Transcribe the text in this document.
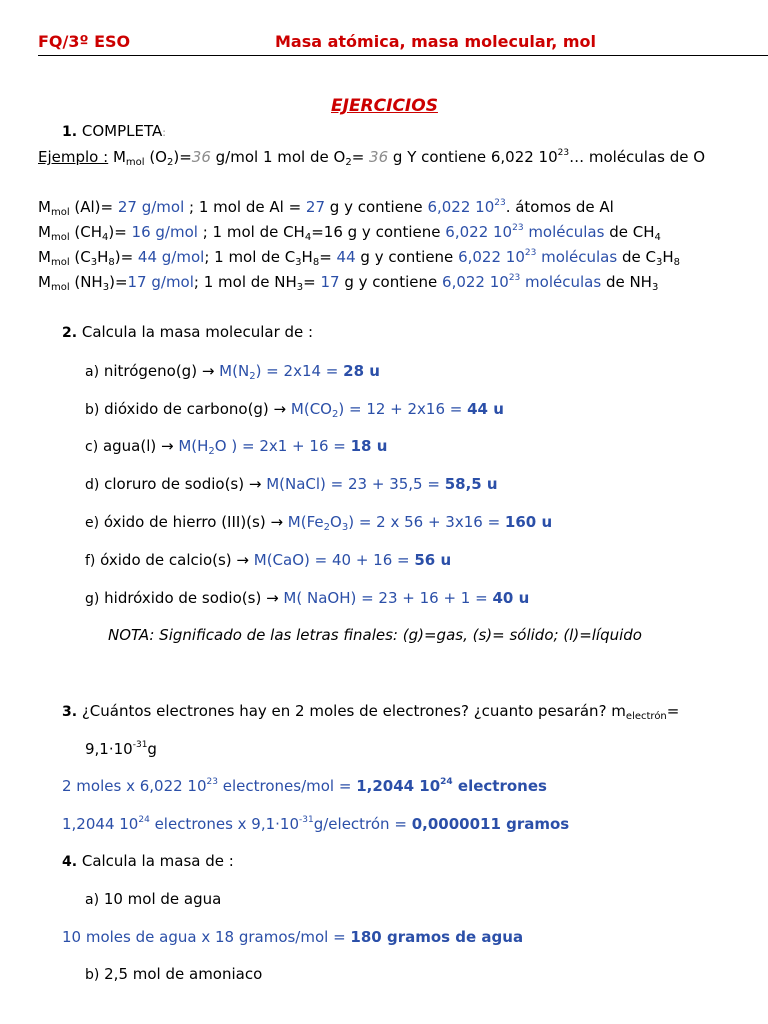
FQ/3º ESO	Masa atómica, masa molecular, mol
EJERCICIOS
1. COMPLETA:
Ejemplo : $M_{mol}$ $(O_2)=36$ g/mol 1 mol de $O_2= 36$ g Y contiene 6,022 $10^{23}\dots$ moléculas de O
$M_{mol}$ (Al)= 27 g/mol ; 1 mol de Al = 27 g y contiene 6,022 $10^{23}$. átomos de Al
$M_{mol}$ $(CH_4)= 16$ g/mol ; 1 mol de $CH_4=16$ g y contiene 6,022 $10^{23}$ moléculas de $CH_4$
$M_{mol}$ $(C_3H_8)= 44$ g/mol; 1 mol de $C_3H_8= 44$ g y contiene 6,022 $10^{23}$ moléculas de $C_3H_8$
$M_{mol}$ $(NH_3)=17$ g/mol; 1 mol de $NH_3= 17$ g y contiene 6,022 $10^{23}$ moléculas de $NH_3$
2. Calcula la masa molecular de :
a) nitrógeno(g) → $M(N_2) = 2x14 = 28$ u
b) dióxido de carbono(g) → $M(CO_2) = 12 + 2x16 = 44$ u
c) agua(l) → $M(H_2O$ ) = 2x1 + 16 = 18 u
d) cloruro de sodio(s) → M(NaCl) = 23 + 35,5 = 58,5 u
e) óxido de hierro $(III)(s) \to M(Fe_2O_3) = 2$ x 56 + 3x16 = 160 u
f) óxido de calcio(s) → M(CaO) = 40 + 16 = 56 u
g) hidróxido de sodio(s) → M( NaOH) = 23 + 16 + 1 = 40 u
NOTA: Significado de las letras finales: (g)=gas, (s)= sólido; (l)=líquido
3. ¿Cuántos electrones hay en 2 moles de electrones? ¿cuanto pesarán? $m_{electrón}=$
$9,1\cdot 10^{-31}g$
2 moles x 6,022 $10^{23}$ electrones/mol = 1,2044 $10^{24}$ electrones
1,2044 $10^{24}$ electrones x $9,1\cdot 10^{-31}g$/electrón = 0,0000011 gramos
4. Calcula la masa de :
a) 10 mol de agua
10 moles de agua x 18 gramos/mol = 180 gramos de agua
b) 2,5 mol de amoniaco
